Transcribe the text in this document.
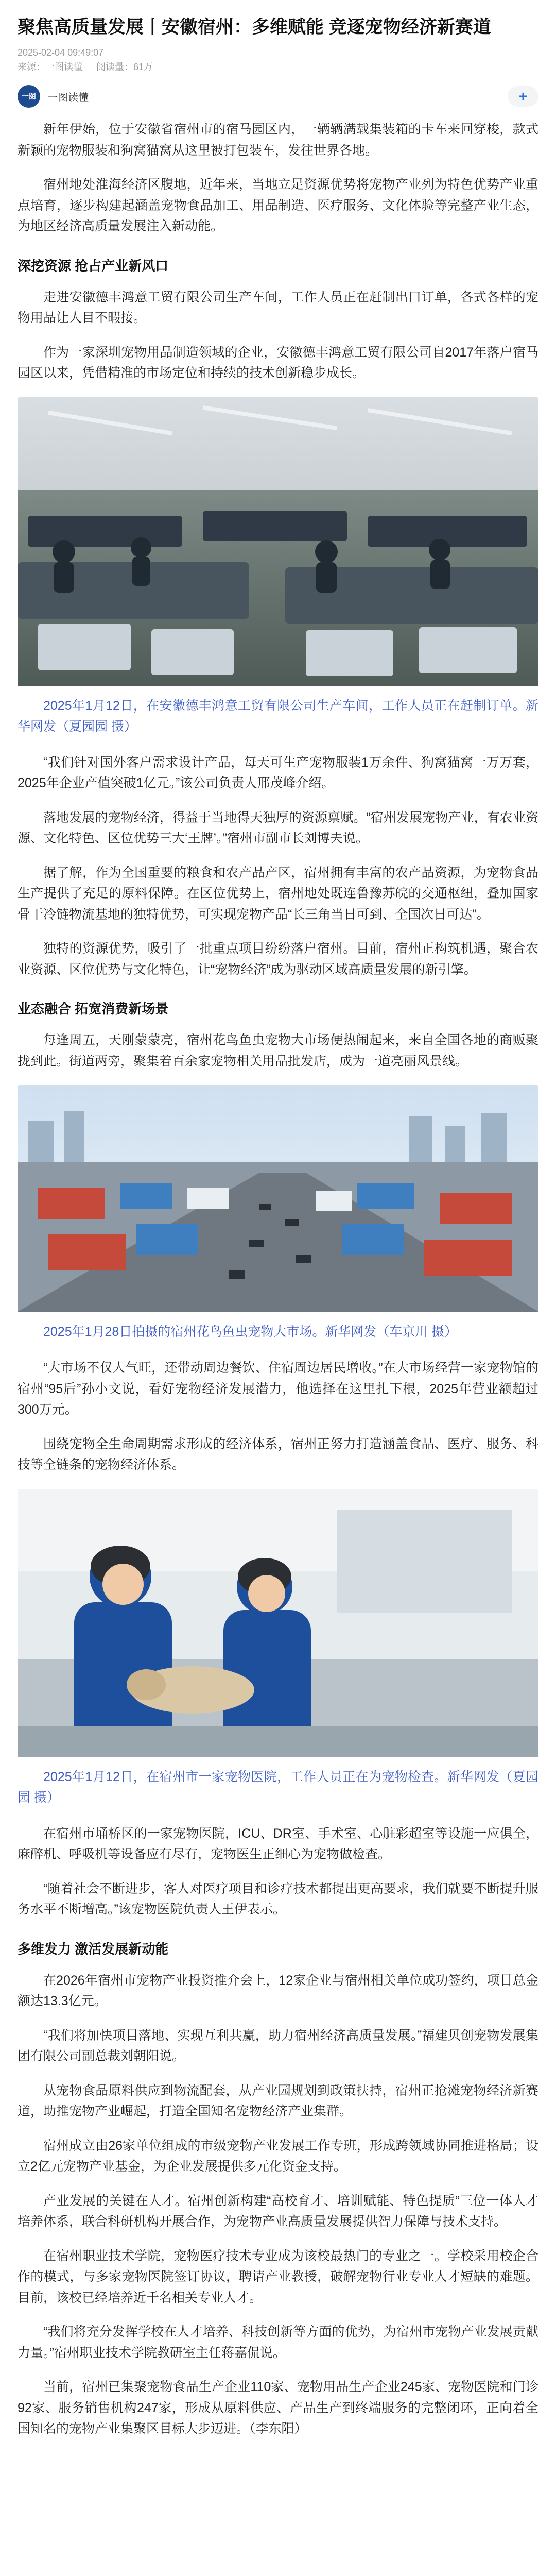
聚焦高质量发展丨安徽宿州：多维赋能 竞逐宠物经济新赛道
2025-02-04 09:49:07
来源：一图读懂 阅读量：61万
一图	一图读懂	+

新年伊始，位于安徽省宿州市的宿马园区内，一辆辆满载集装箱的卡车来回穿梭，款式新颖的宠物服装和狗窝猫窝从这里被打包装车，发往世界各地。

宿州地处淮海经济区腹地，近年来，当地立足资源优势将宠物产业列为特色优势产业重点培育，逐步构建起涵盖宠物食品加工、用品制造、医疗服务、文化体验等完整产业生态，为地区经济高质量发展注入新动能。

深挖资源 抢占产业新风口

走进安徽德丰鸿意工贸有限公司生产车间，工作人员正在赶制出口订单，各式各样的宠物用品让人目不暇接。

作为一家深圳宠物用品制造领域的企业，安徽德丰鸿意工贸有限公司自2017年落户宿马园区以来，凭借精准的市场定位和持续的技术创新稳步成长。

2025年1月12日，在安徽德丰鸿意工贸有限公司生产车间，工作人员正在赶制订单。新华网发（夏园园 摄）

“我们针对国外客户需求设计产品，每天可生产宠物服装1万余件、狗窝猫窝一万万套，2025年企业产值突破1亿元。”该公司负责人邢茂峰介绍。

落地发展的宠物经济，得益于当地得天独厚的资源禀赋。“宿州发展宠物产业，有农业资源、文化特色、区位优势三大‘王牌’。”宿州市副市长刘博夫说。

据了解，作为全国重要的粮食和农产品产区，宿州拥有丰富的农产品资源，为宠物食品生产提供了充足的原料保障。在区位优势上，宿州地处既连鲁豫苏皖的交通枢纽，叠加国家骨干冷链物流基地的独特优势，可实现宠物产品“长三角当日可到、全国次日可达”。

独特的资源优势，吸引了一批重点项目纷纷落户宿州。目前，宿州正构筑机遇，聚合农业资源、区位优势与文化特色，让“宠物经济”成为驱动区域高质量发展的新引擎。

业态融合 拓宽消费新场景

每逢周五，天刚蒙蒙亮，宿州花鸟鱼虫宠物大市场便热闹起来，来自全国各地的商贩聚拢到此。街道两旁，聚集着百余家宠物相关用品批发店，成为一道亮丽风景线。

2025年1月28日拍摄的宿州花鸟鱼虫宠物大市场。新华网发（车京川 摄）

“大市场不仅人气旺，还带动周边餐饮、住宿周边居民增收。”在大市场经营一家宠物馆的宿州“95后”孙小文说，看好宠物经济发展潜力，他选择在这里扎下根，2025年营业额超过300万元。

围绕宠物全生命周期需求形成的经济体系，宿州正努力打造涵盖食品、医疗、服务、科技等全链条的宠物经济体系。

2025年1月12日，在宿州市一家宠物医院，工作人员正在为宠物检查。新华网发（夏园园 摄）

在宿州市埇桥区的一家宠物医院，ICU、DR室、手术室、心脏彩超室等设施一应俱全，麻醉机、呼吸机等设备应有尽有，宠物医生正细心为宠物做检查。

“随着社会不断进步，客人对医疗项目和诊疗技术都提出更高要求，我们就要不断提升服务水平不断增高。”该宠物医院负责人王伊表示。

多维发力 激活发展新动能

在2026年宿州市宠物产业投资推介会上，12家企业与宿州相关单位成功签约，项目总金额达13.3亿元。

“我们将加快项目落地、实现互利共赢，助力宿州经济高质量发展。”福建贝创宠物发展集团有限公司副总裁刘朝阳说。

从宠物食品原料供应到物流配套，从产业园规划到政策扶持，宿州正抢滩宠物经济新赛道，助推宠物产业崛起，打造全国知名宠物经济产业集群。

宿州成立由26家单位组成的市级宠物产业发展工作专班，形成跨领域协同推进格局；设立2亿元宠物产业基金，为企业发展提供多元化资金支持。

产业发展的关键在人才。宿州创新构建“高校育才、培训赋能、特色提质”三位一体人才培养体系，联合科研机构开展合作，为宠物产业高质量发展提供智力保障与技术支持。

在宿州职业技术学院，宠物医疗技术专业成为该校最热门的专业之一。学校采用校企合作的模式，与多家宠物医院签订协议，聘请产业教授，破解宠物行业专业人才短缺的难题。目前，该校已经培养近千名相关专业人才。

“我们将充分发挥学校在人才培养、科技创新等方面的优势，为宿州市宠物产业发展贡献力量。”宿州职业技术学院教研室主任蒋嘉侃说。

当前，宿州已集聚宠物食品生产企业110家、宠物用品生产企业245家、宠物医院和门诊92家、服务销售机构247家，形成从原料供应、产品生产到终端服务的完整闭环，正向着全国知名的宠物产业集聚区目标大步迈进。（李东阳）
